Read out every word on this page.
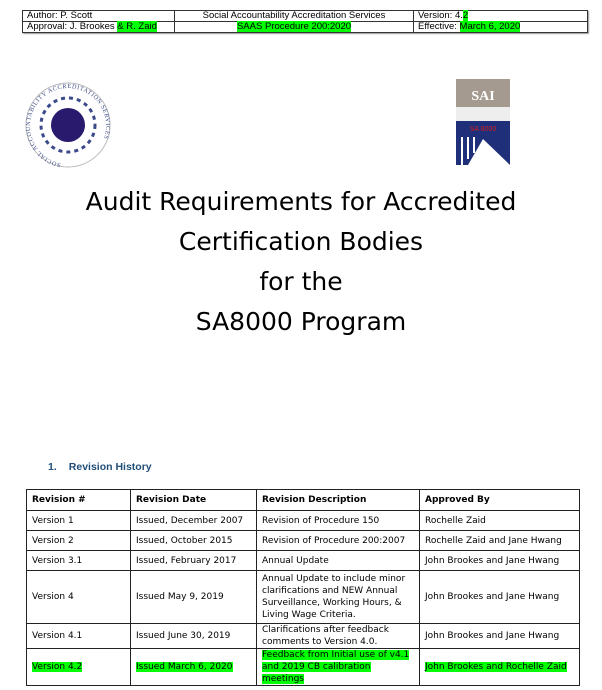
Author: P. Scott	Social Accountability Accreditation Services	Version: 4.2
Approval: J. Brookes & R. Zaid	SAAS Procedure 200:2020	Effective: March 6, 2020
SOCIAL ACCOUNTABILITY ACCREDITATION SERVICES
SAI
SA 8000
Audit Requirements for Accredited
Certification Bodies
for the
SA8000 Program
1. Revision History
Revision #	Revision Date	Revision Description	Approved By
Version 1	Issued, December 2007	Revision of Procedure 150	Rochelle Zaid
Version 2	Issued, October 2015	Revision of Procedure 200:2007	Rochelle Zaid and Jane Hwang
Version 3.1	Issued, February 2017	Annual Update	John Brookes and Jane Hwang
Version 4	Issued May 9, 2019	Annual Update to include minor clarifications and NEW Annual Surveillance, Working Hours, & Living Wage Criteria.	John Brookes and Jane Hwang
Version 4.1	Issued June 30, 2019	Clarifications after feedback comments to Version 4.0.	John Brookes and Jane Hwang
Version 4.2	Issued March 6, 2020	Feedback from Initial use of v4.1 and 2019 CB calibration meetings	John Brookes and Rochelle Zaid
